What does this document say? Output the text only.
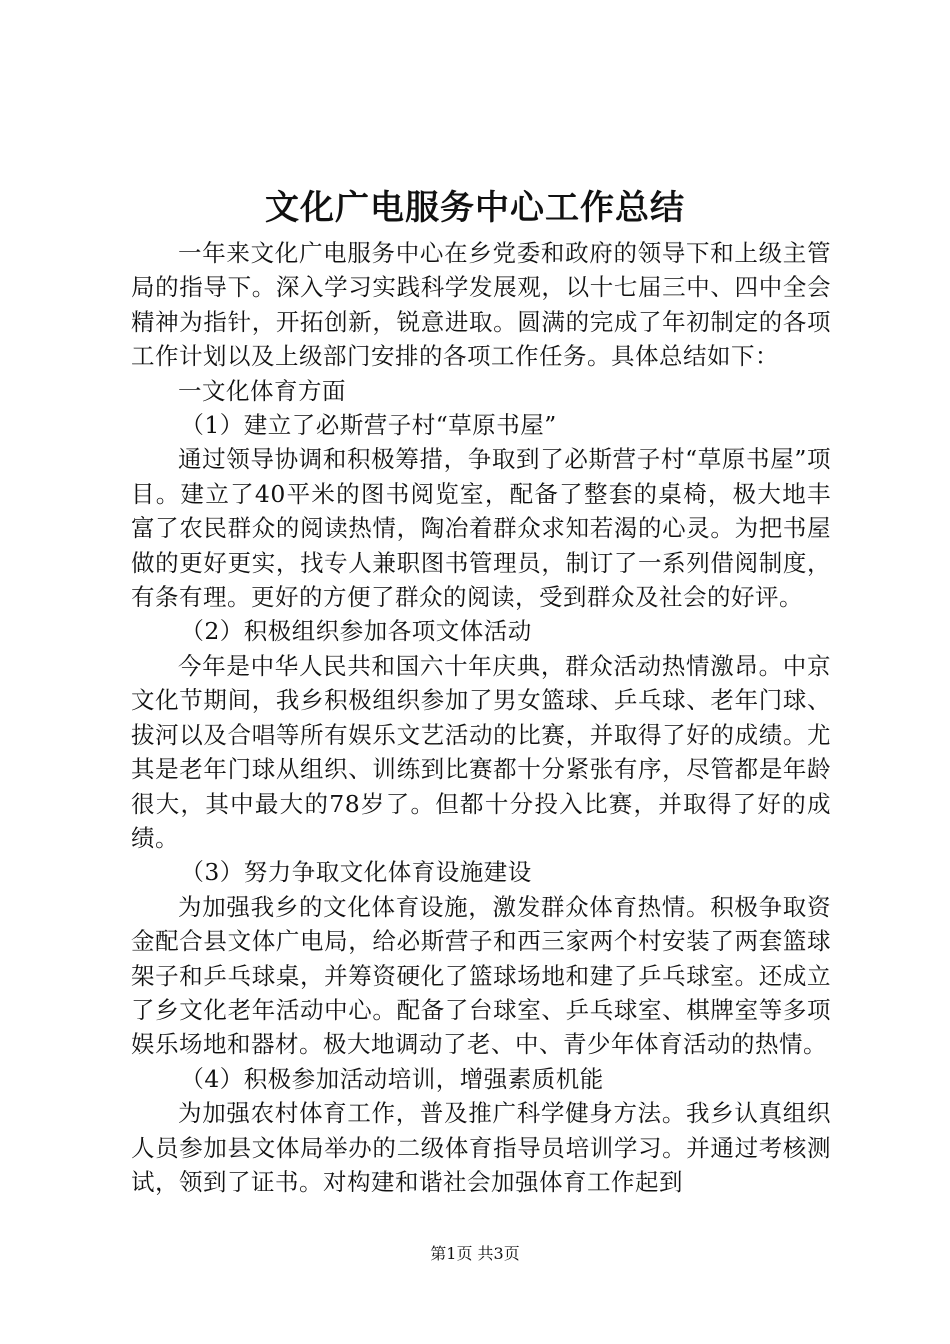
文化广电服务中心工作总结

一年来文化广电服务中心在乡党委和政府的领导下和上级主管局的指导下。深入学习实践科学发展观，以十七届三中、四中全会精神为指针，开拓创新，锐意进取。圆满的完成了年初制定的各项工作计划以及上级部门安排的各项工作任务。具体总结如下：

一文化体育方面

（1）建立了必斯营子村“草原书屋”

通过领导协调和积极筹措，争取到了必斯营子村“草原书屋”项目。建立了40平米的图书阅览室，配备了整套的桌椅，极大地丰富了农民群众的阅读热情，陶冶着群众求知若渴的心灵。为把书屋做的更好更实，找专人兼职图书管理员，制订了一系列借阅制度，有条有理。更好的方便了群众的阅读，受到群众及社会的好评。

（2）积极组织参加各项文体活动

今年是中华人民共和国六十年庆典，群众活动热情激昂。中京文化节期间，我乡积极组织参加了男女篮球、乒乓球、老年门球、拔河以及合唱等所有娱乐文艺活动的比赛，并取得了好的成绩。尤其是老年门球从组织、训练到比赛都十分紧张有序，尽管都是年龄很大，其中最大的78岁了。但都十分投入比赛，并取得了好的成绩。

（3）努力争取文化体育设施建设

为加强我乡的文化体育设施，激发群众体育热情。积极争取资金配合县文体广电局，给必斯营子和西三家两个村安装了两套篮球架子和乒乓球桌，并筹资硬化了篮球场地和建了乒乓球室。还成立了乡文化老年活动中心。配备了台球室、乒乓球室、棋牌室等多项娱乐场地和器材。极大地调动了老、中、青少年体育活动的热情。

（4）积极参加活动培训，增强素质机能

为加强农村体育工作，普及推广科学健身方法。我乡认真组织人员参加县文体局举办的二级体育指导员培训学习。并通过考核测试，领到了证书。对构建和谐社会加强体育工作起到

第1页 共3页
